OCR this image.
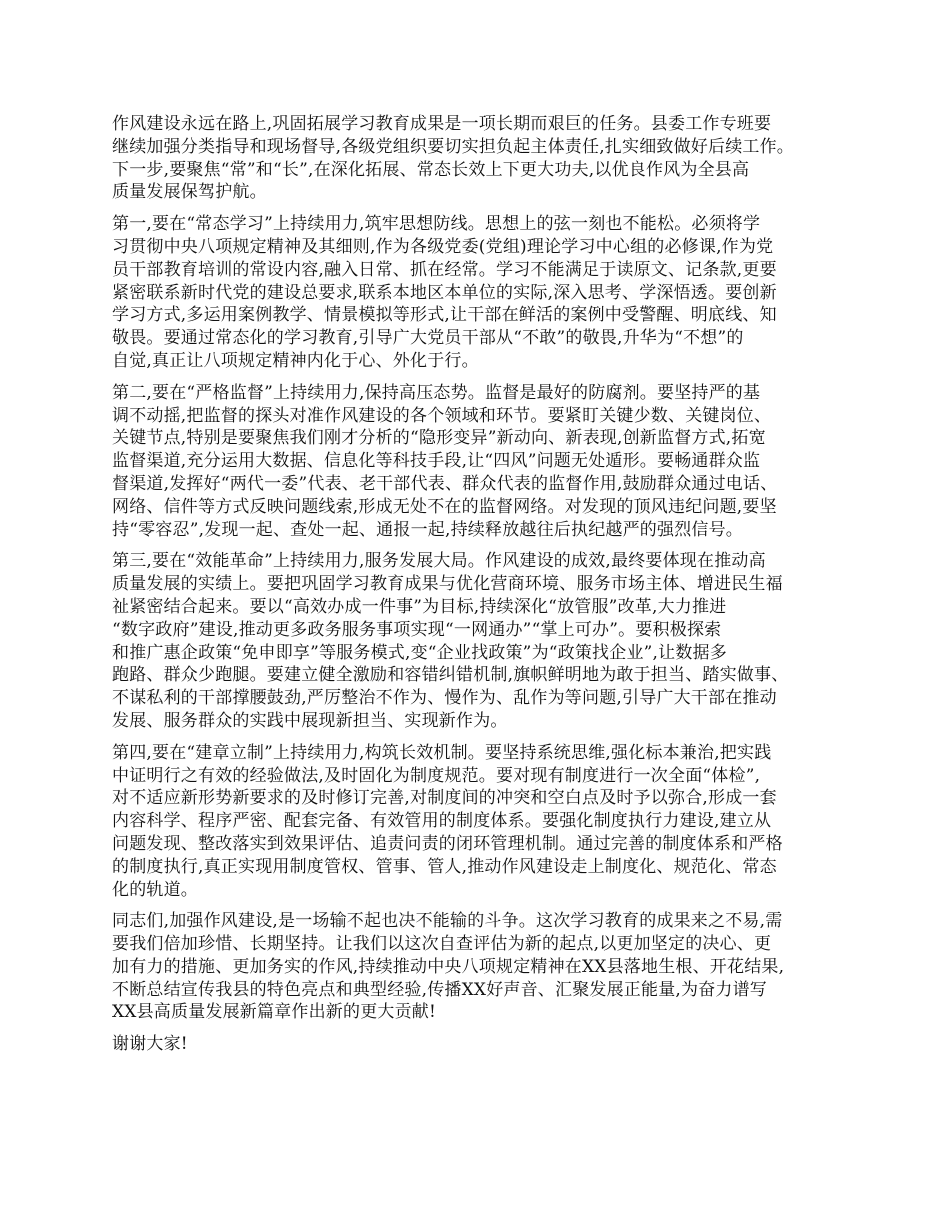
作风建设永远在路上,巩固拓展学习教育成果是一项长期而艰巨的任务。县委工作专班要
继续加强分类指导和现场督导,各级党组织要切实担负起主体责任,扎实细致做好后续工作。
下一步,要聚焦“常”和“长”,在深化拓展、常态长效上下更大功夫,以优良作风为全县高
质量发展保驾护航。
第一,要在“常态学习”上持续用力,筑牢思想防线。思想上的弦一刻也不能松。必须将学
习贯彻中央八项规定精神及其细则,作为各级党委(党组)理论学习中心组的必修课,作为党
员干部教育培训的常设内容,融入日常、抓在经常。学习不能满足于读原文、记条款,更要
紧密联系新时代党的建设总要求,联系本地区本单位的实际,深入思考、学深悟透。要创新
学习方式,多运用案例教学、情景模拟等形式,让干部在鲜活的案例中受警醒、明底线、知
敬畏。要通过常态化的学习教育,引导广大党员干部从“不敢”的敬畏,升华为“不想”的
自觉,真正让八项规定精神内化于心、外化于行。
第二,要在“严格监督”上持续用力,保持高压态势。监督是最好的防腐剂。要坚持严的基
调不动摇,把监督的探头对准作风建设的各个领域和环节。要紧盯关键少数、关键岗位、
关键节点,特别是要聚焦我们刚才分析的“隐形变异”新动向、新表现,创新监督方式,拓宽
监督渠道,充分运用大数据、信息化等科技手段,让“四风”问题无处遁形。要畅通群众监
督渠道,发挥好“两代一委”代表、老干部代表、群众代表的监督作用,鼓励群众通过电话、
网络、信件等方式反映问题线索,形成无处不在的监督网络。对发现的顶风违纪问题,要坚
持“零容忍”,发现一起、查处一起、通报一起,持续释放越往后执纪越严的强烈信号。
第三,要在“效能革命”上持续用力,服务发展大局。作风建设的成效,最终要体现在推动高
质量发展的实绩上。要把巩固学习教育成果与优化营商环境、服务市场主体、增进民生福
祉紧密结合起来。要以“高效办成一件事”为目标,持续深化“放管服”改革,大力推进
“数字政府”建设,推动更多政务服务事项实现“一网通办”“掌上可办”。要积极探索
和推广惠企政策“免申即享”等服务模式,变“企业找政策”为“政策找企业”,让数据多
跑路、群众少跑腿。要建立健全激励和容错纠错机制,旗帜鲜明地为敢于担当、踏实做事、
不谋私利的干部撑腰鼓劲,严厉整治不作为、慢作为、乱作为等问题,引导广大干部在推动
发展、服务群众的实践中展现新担当、实现新作为。
第四,要在“建章立制”上持续用力,构筑长效机制。要坚持系统思维,强化标本兼治,把实践
中证明行之有效的经验做法,及时固化为制度规范。要对现有制度进行一次全面“体检”,
对不适应新形势新要求的及时修订完善,对制度间的冲突和空白点及时予以弥合,形成一套
内容科学、程序严密、配套完备、有效管用的制度体系。要强化制度执行力建设,建立从
问题发现、整改落实到效果评估、追责问责的闭环管理机制。通过完善的制度体系和严格
的制度执行,真正实现用制度管权、管事、管人,推动作风建设走上制度化、规范化、常态
化的轨道。
同志们,加强作风建设,是一场输不起也决不能输的斗争。这次学习教育的成果来之不易,需
要我们倍加珍惜、长期坚持。让我们以这次自查评估为新的起点,以更加坚定的决心、更
加有力的措施、更加务实的作风,持续推动中央八项规定精神在XX县落地生根、开花结果,
不断总结宣传我县的特色亮点和典型经验,传播XX好声音、汇聚发展正能量,为奋力谱写
XX县高质量发展新篇章作出新的更大贡献!
谢谢大家!
